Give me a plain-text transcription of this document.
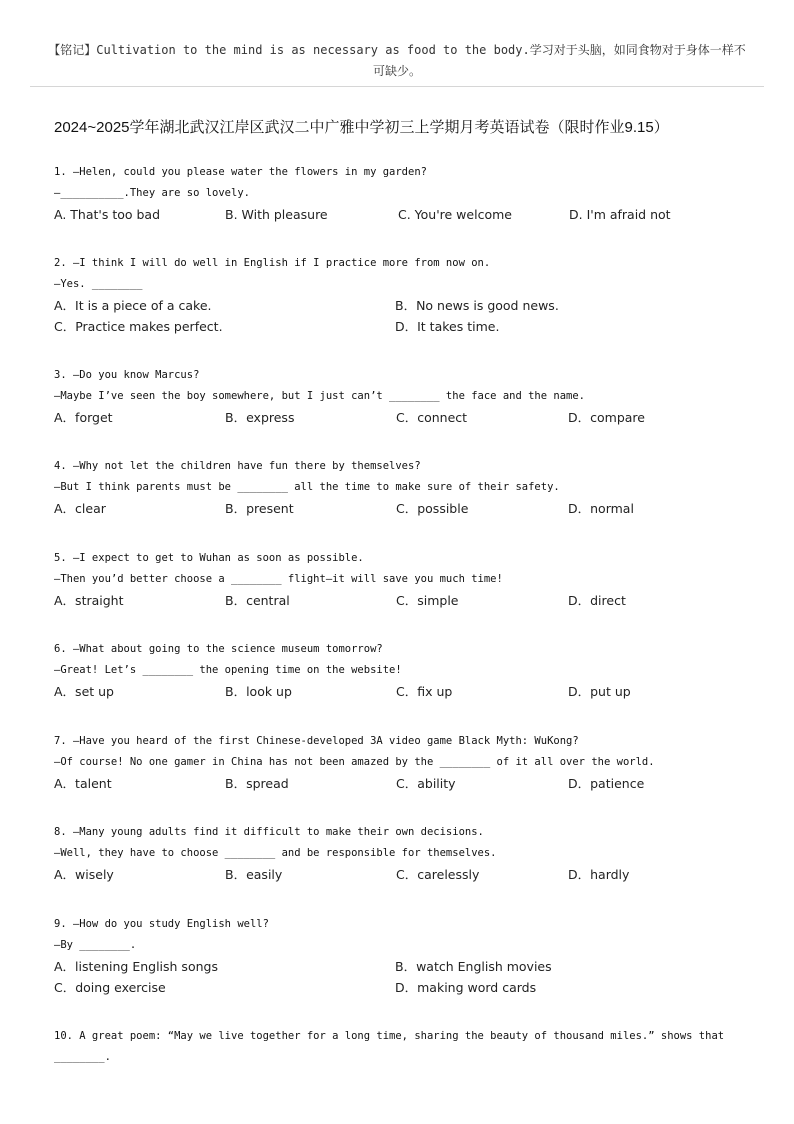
【铭记】Cultivation to the mind is as necessary as food to the body.学习对于头脑，如同食物对于身体一样不
可缺少。
2024~2025学年湖北武汉江岸区武汉二中广雅中学初三上学期月考英语试卷（限时作业9.15）
1. —Helen, could you please water the flowers in my garden?
—__________.They are so lovely.
A. That's too bad	B. With pleasure	C. You're welcome	D. I'm afraid not
2. —I think I will do well in English if I practice more from now on.
—Yes. ________
A．It is a piece of a cake.	B．No news is good news.
C．Practice makes perfect.	D．It takes time.
3. —Do you know Marcus?
—Maybe I’ve seen the boy somewhere, but I just can’t ________ the face and the name.
A．forget	B．express	C．connect	D．compare
4. —Why not let the children have fun there by themselves?
—But I think parents must be ________ all the time to make sure of their safety.
A．clear	B．present	C．possible	D．normal
5. —I expect to get to Wuhan as soon as possible.
—Then you’d better choose a ________ flight—it will save you much time!
A．straight	B．central	C．simple	D．direct
6. —What about going to the science museum tomorrow?
—Great! Let’s ________ the opening time on the website!
A．set up	B．look up	C．fix up	D．put up
7. —Have you heard of the first Chinese-developed 3A video game Black Myth: WuKong?
—Of course! No one gamer in China has not been amazed by the ________ of it all over the world.
A．talent	B．spread	C．ability	D．patience
8. —Many young adults find it difficult to make their own decisions.
—Well, they have to choose ________ and be responsible for themselves.
A．wisely	B．easily	C．carelessly	D．hardly
9. —How do you study English well?
—By ________.
A．listening English songs	B．watch English movies
C．doing exercise	D．making word cards
10. A great poem: “May we live together for a long time, sharing the beauty of thousand miles.” shows that
________.
